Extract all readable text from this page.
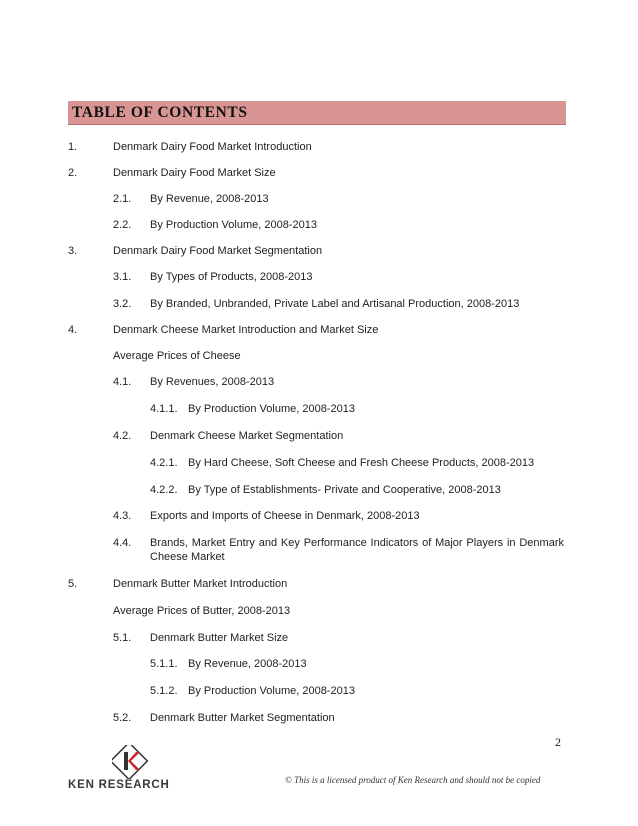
TABLE OF CONTENTS
1.	Denmark Dairy Food Market Introduction
2.	Denmark Dairy Food Market Size
2.1. By Revenue, 2008-2013
2.2. By Production Volume, 2008-2013
3.	Denmark Dairy Food Market Segmentation
3.1. By Types of Products, 2008-2013
3.2. By Branded, Unbranded, Private Label and Artisanal Production, 2008-2013
4.	Denmark Cheese Market Introduction and Market Size
Average Prices of Cheese
4.1. By Revenues, 2008-2013
4.1.1. By Production Volume, 2008-2013
4.2. Denmark Cheese Market Segmentation
4.2.1. By Hard Cheese, Soft Cheese and Fresh Cheese Products, 2008-2013
4.2.2. By Type of Establishments- Private and Cooperative, 2008-2013
4.3. Exports and Imports of Cheese in Denmark, 2008-2013
4.4. Brands, Market Entry and Key Performance Indicators of Major Players in Denmark Cheese Market
5.	Denmark Butter Market Introduction
Average Prices of Butter, 2008-2013
5.1. Denmark Butter Market Size
5.1.1. By Revenue, 2008-2013
5.1.2. By Production Volume, 2008-2013
5.2. Denmark Butter Market Segmentation
2
KEN RESEARCH	© This is a licensed product of Ken Research and should not be copied
